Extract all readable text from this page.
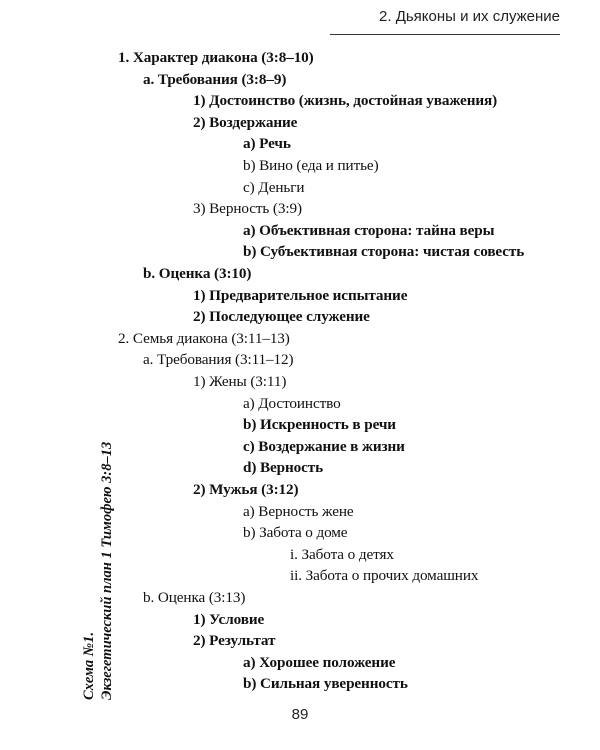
2. Дьяконы и их служение
1. Характер диакона (3:8–10)
a. Требования (3:8–9)
1) Достоинство (жизнь, достойная уважения)
2) Воздержание
a) Речь
b) Вино (еда и питье)
c) Деньги
3) Верность (3:9)
a) Объективная сторона: тайна веры
b) Субъективная сторона: чистая совесть
b. Оценка (3:10)
1) Предварительное испытание
2) Последующее служение
2. Семья диакона (3:11–13)
a. Требования (3:11–12)
1) Жены (3:11)
a) Достоинство
b) Искренность в речи
c) Воздержание в жизни
d) Верность
2) Мужья (3:12)
a) Верность жене
b) Забота о доме
i. Забота о детях
ii. Забота о прочих домашних
b. Оценка (3:13)
1) Условие
2) Результат
a) Хорошее положение
b) Сильная уверенность
Схема №1. Экзегетический план 1 Тимофею 3:8–13
89
